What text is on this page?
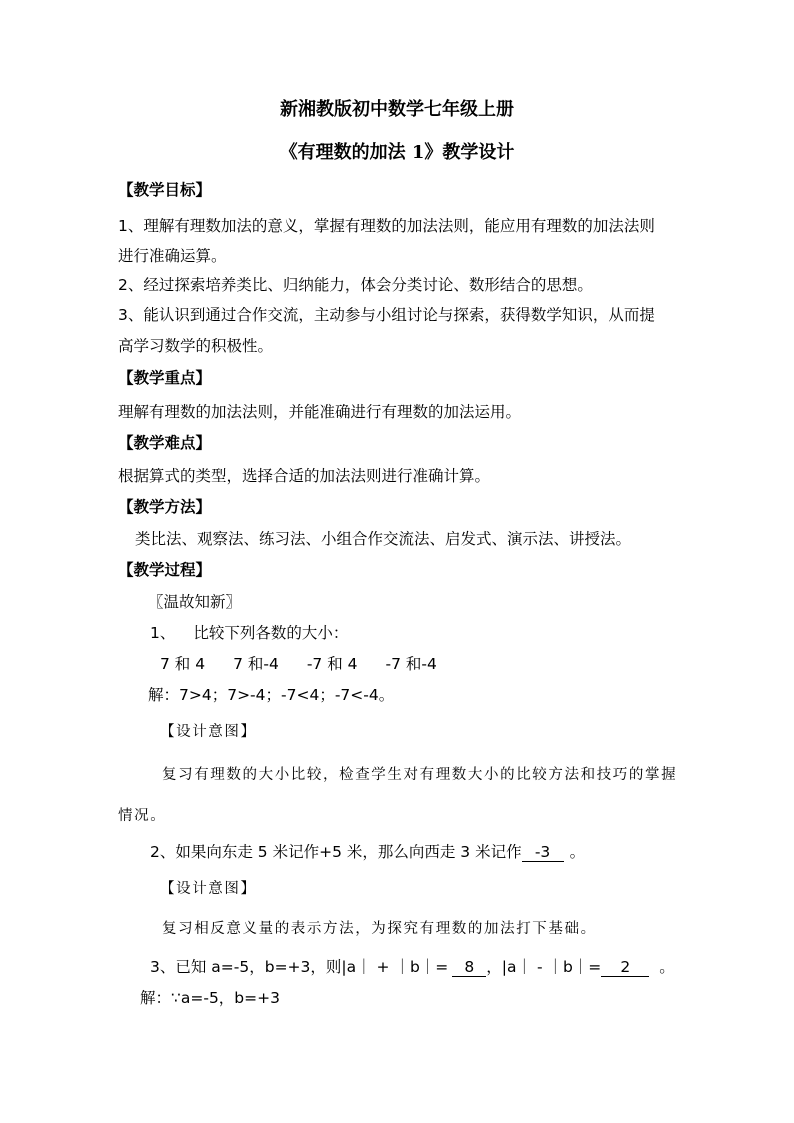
新湘教版初中数学七年级上册
《有理数的加法 1》教学设计
【教学目标】
1、理解有理数加法的意义，掌握有理数的加法法则，能应用有理数的加法法则
进行准确运算。
2、经过探索培养类比、归纳能力，体会分类讨论、数形结合的思想。
3、能认识到通过合作交流，主动参与小组讨论与探索，获得数学知识，从而提
高学习数学的积极性。
【教学重点】
理解有理数的加法法则，并能准确进行有理数的加法运用。
【教学难点】
根据算式的类型，选择合适的加法法则进行准确计算。
【教学方法】
类比法、观察法、练习法、小组合作交流法、启发式、演示法、讲授法。
【教学过程】
〖温故知新〗
1、 比较下列各数的大小：
7 和 4 7 和-4 -7 和 4 -7 和-4
解：7>4；7>-4；-7<4；-7<-4。
【设计意图】
复习有理数的大小比较，检查学生对有理数大小的比较方法和技巧的掌握
情况。
2、如果向东走 5 米记作+5 米，那么向西走 3 米记作 -3 。
【设计意图】
复习相反意义量的表示方法，为探究有理数的加法打下基础。
3、已知 a=-5，b=+3，则|a｜ + ｜b｜= 8 ，|a｜ - ｜b｜= 2 。
解：∵a=-5，b=+3
